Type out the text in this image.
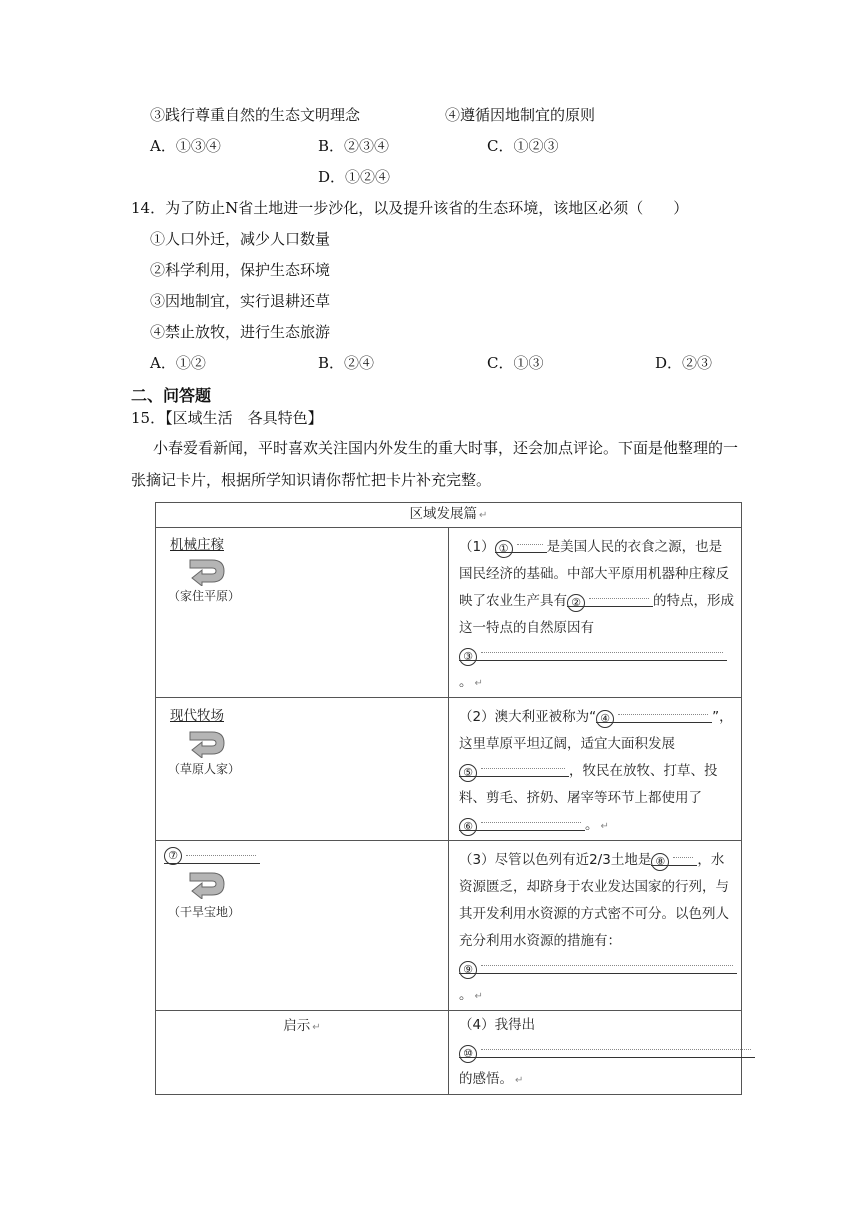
③践行尊重自然的生态文明理念	④遵循因地制宜的原则
A．①③④	B．②③④	C．①②③
D．①②④
14．为了防止N省土地进一步沙化，以及提升该省的生态环境，该地区必须（　　）
①人口外迁，减少人口数量
②科学利用，保护生态环境
③因地制宜，实行退耕还草
④禁止放牧，进行生态旅游
A．①②	B．②④	C．①③	D．②③
二、问答题
15．【区域生活　各具特色】
小春爱看新闻，平时喜欢关注国内外发生的重大时事，还会加点评论。下面是他整理的一张摘记卡片，根据所学知识请你帮忙把卡片补充完整。
区域发展篇 ↵	

机械庄稼
（家住平原）	（1） ① 是美国人民的衣食之源，也是国民经济的基础。中部大平原用机器种庄稼反映了农业生产具有 ② 的特点，形成这一特点的自然原因有③。 ↵

现代牧场
（草原人家）	（2）澳大利亚被称为“ ④ ”，这里草原平坦辽阔，适宜大面积发展⑤ ，牧民在放牧、打草、投料、剪毛、挤奶、屠宰等环节上都使用了⑥ 。 ↵

⑦
（干旱宝地）	（3）尽管以色列有近2/3土地是 ⑧ ，水资源匮乏，却跻身于农业发达国家的行列，与其开发利用水资源的方式密不可分。以色列人充分利用水资源的措施有：⑨。 ↵
启示 ↵	（4）我得出⑩的感悟。 ↵
